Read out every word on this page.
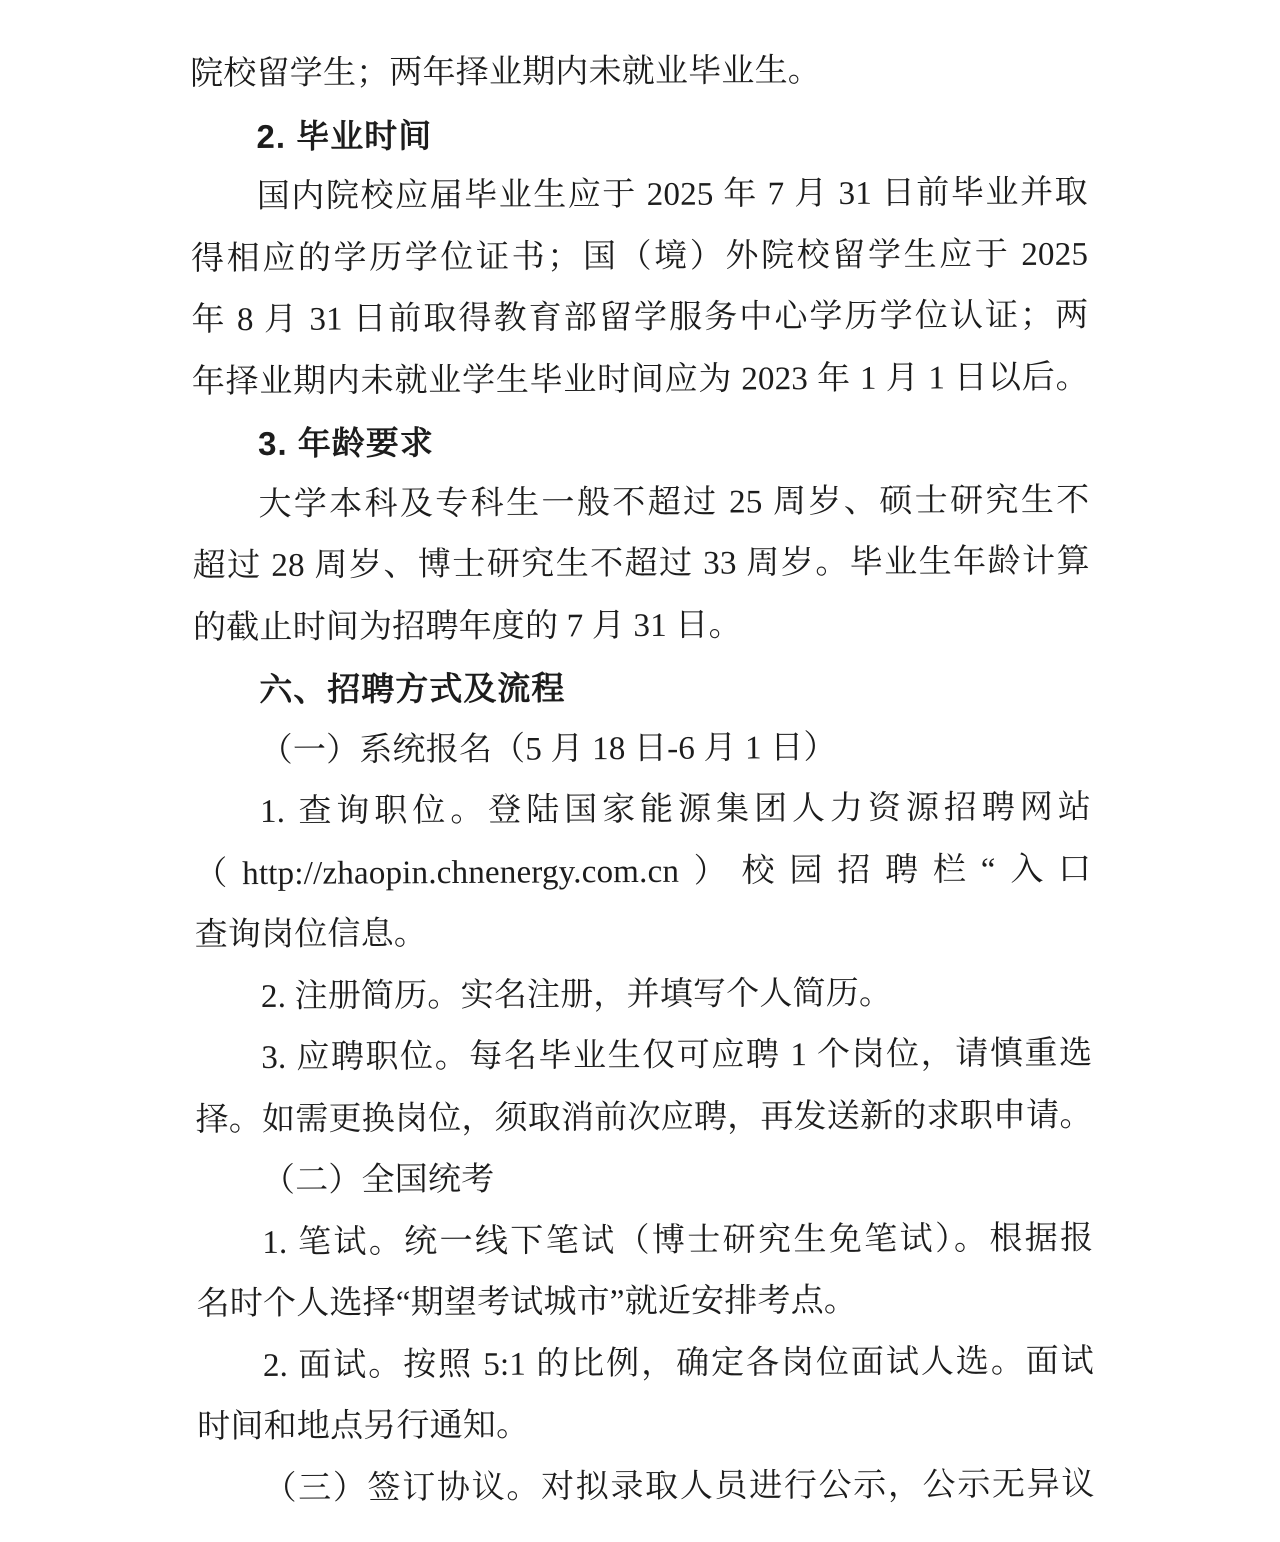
院校留学生；两年择业期内未就业毕业生。
2. 毕业时间
国内院校应届毕业生应于 2025 年 7 月 31 日前毕业并取
得相应的学历学位证书；国（境）外院校留学生应于 2025
年 8 月 31 日前取得教育部留学服务中心学历学位认证；两
年择业期内未就业学生毕业时间应为 2023 年 1 月 1 日以后。
3. 年龄要求
大学本科及专科生一般不超过 25 周岁、硕士研究生不
超过 28 周岁、博士研究生不超过 33 周岁。毕业生年龄计算
的截止时间为招聘年度的 7 月 31 日。
六、招聘方式及流程
（一）系统报名（5 月 18 日-6 月 1 日）
1. 查询职位。登陆国家能源集团人力资源招聘网站
（http://zhaopin.chnenergy.com.cn）校园招聘栏“入口
查询岗位信息。
2. 注册简历。实名注册，并填写个人简历。
3. 应聘职位。每名毕业生仅可应聘 1 个岗位，请慎重选
择。如需更换岗位，须取消前次应聘，再发送新的求职申请。
（二）全国统考
1. 笔试。统一线下笔试（博士研究生免笔试）。根据报
名时个人选择“期望考试城市”就近安排考点。
2. 面试。按照 5:1 的比例，确定各岗位面试人选。面试
时间和地点另行通知。
（三）签订协议。对拟录取人员进行公示，公示无异议
